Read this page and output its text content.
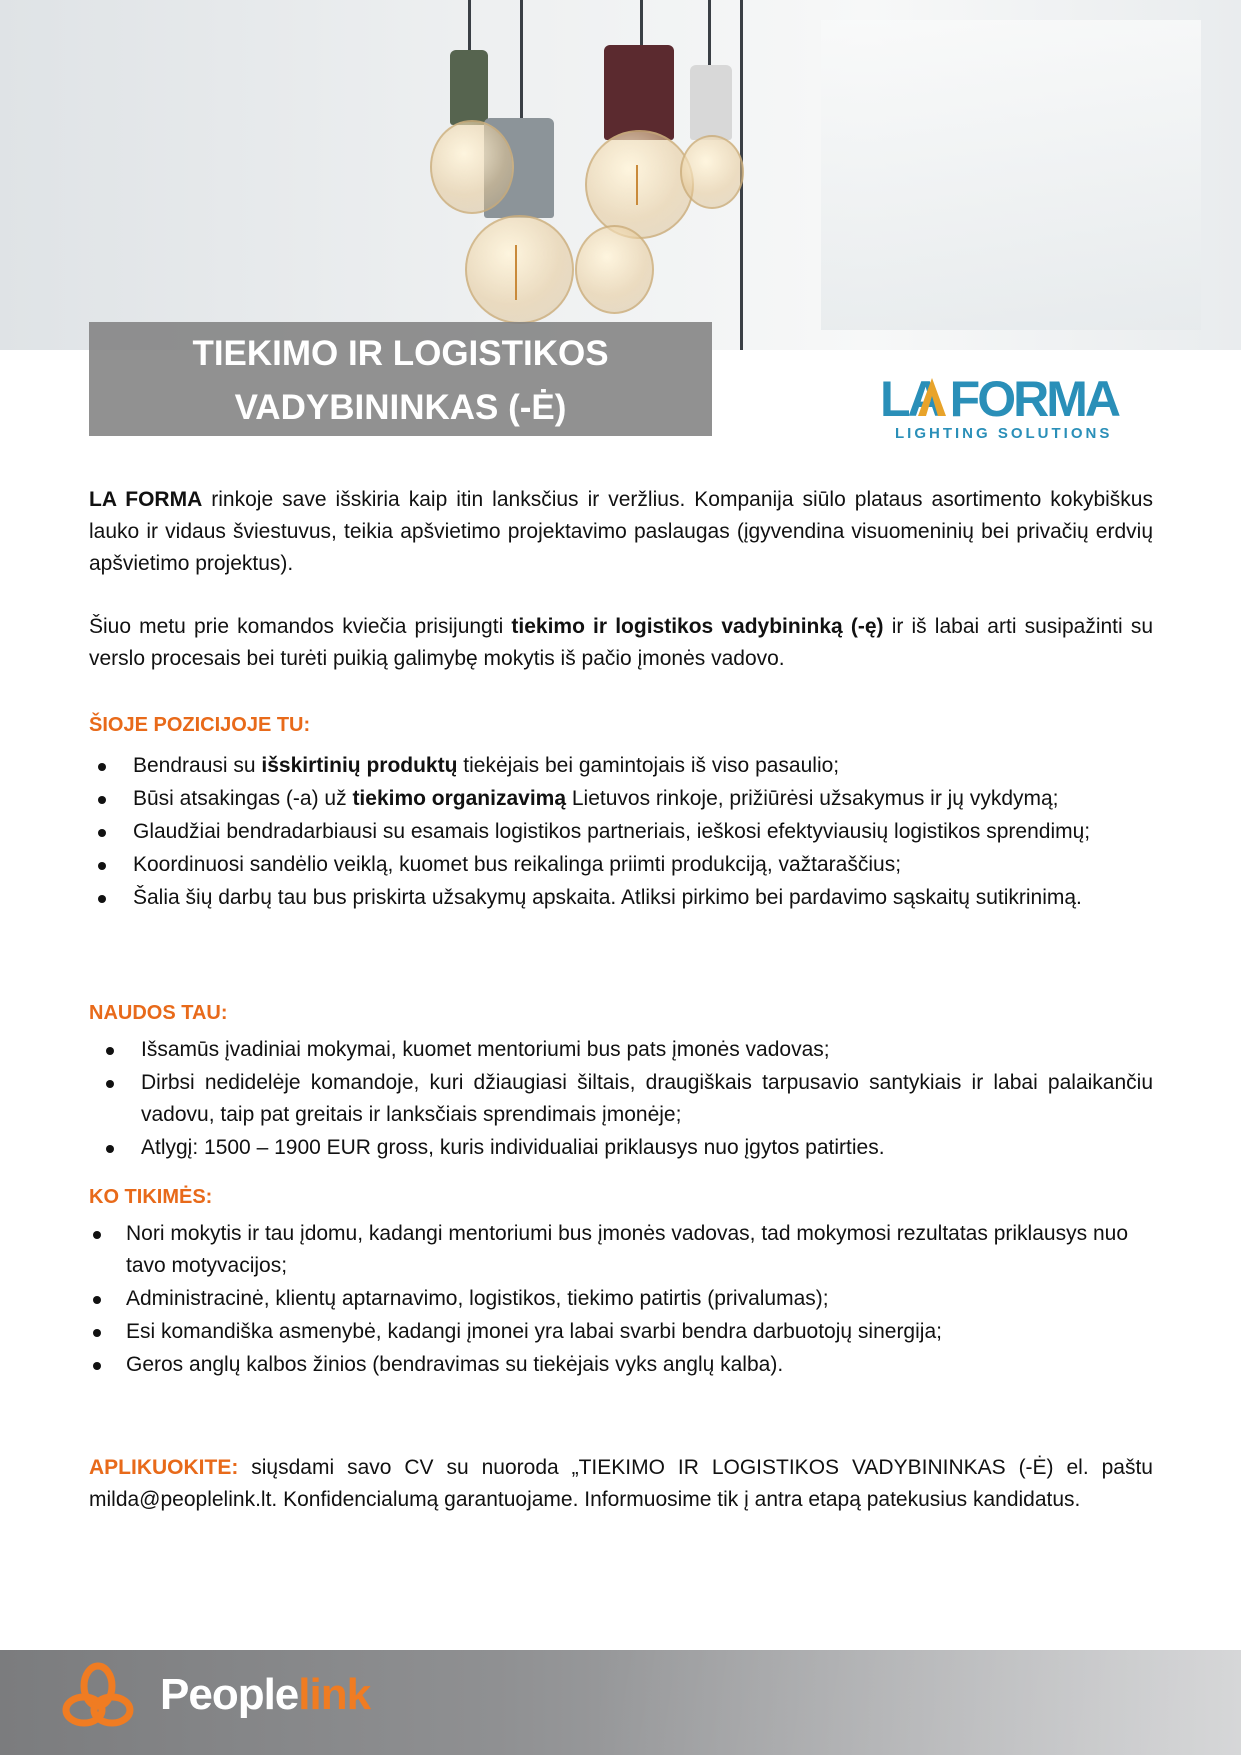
TIEKIMO IR LOGISTIKOS
VADYBININKAS (-Ė)	LA FORMA
LIGHTING SOLUTIONS
LA FORMA rinkoje save išskiria kaip itin lanksčius ir veržlius. Kompanija siūlo plataus asortimento kokybiškus lauko ir vidaus šviestuvus, teikia apšvietimo projektavimo paslaugas (įgyvendina visuomeninių bei privačių erdvių apšvietimo projektus).
Šiuo metu prie komandos kviečia prisijungti tiekimo ir logistikos vadybininką (-ę) ir iš labai arti susipažinti su verslo procesais bei turėti puikią galimybę mokytis iš pačio įmonės vadovo.
ŠIOJE POZICIJOJE TU:
Bendrausi su išskirtinių produktų tiekėjais bei gamintojais iš viso pasaulio;
Būsi atsakingas (-a) už tiekimo organizavimą Lietuvos rinkoje, prižiūrėsi užsakymus ir jų vykdymą;
Glaudžiai bendradarbiausi su esamais logistikos partneriais, ieškosi efektyviausių logistikos sprendimų;
Koordinuosi sandėlio veiklą, kuomet bus reikalinga priimti produkciją, važtaraščius;
Šalia šių darbų tau bus priskirta užsakymų apskaita. Atliksi pirkimo bei pardavimo sąskaitų sutikrinimą.
NAUDOS TAU:
Išsamūs įvadiniai mokymai, kuomet mentoriumi bus pats įmonės vadovas;
Dirbsi nedidelėje komandoje, kuri džiaugiasi šiltais, draugiškais tarpusavio santykiais ir labai palaikančiu vadovu, taip pat greitais ir lanksčiais sprendimais įmonėje;
Atlygį: 1500 – 1900 EUR gross, kuris individualiai priklausys nuo įgytos patirties.
KO TIKIMĖS:
Nori mokytis ir tau įdomu, kadangi mentoriumi bus įmonės vadovas, tad mokymosi rezultatas priklausys nuo tavo motyvacijos;
Administracinė, klientų aptarnavimo, logistikos, tiekimo patirtis (privalumas);
Esi komandiška asmenybė, kadangi įmonei yra labai svarbi bendra darbuotojų sinergija;
Geros anglų kalbos žinios (bendravimas su tiekėjais vyks anglų kalba).
APLIKUOKITE: siųsdami savo CV su nuoroda „TIEKIMO IR LOGISTIKOS VADYBININKAS (-Ė) el. paštu milda@peoplelink.lt. Konfidencialumą garantuojame. Informuosime tik į antra etapą patekusius kandidatus.
Peoplelink
